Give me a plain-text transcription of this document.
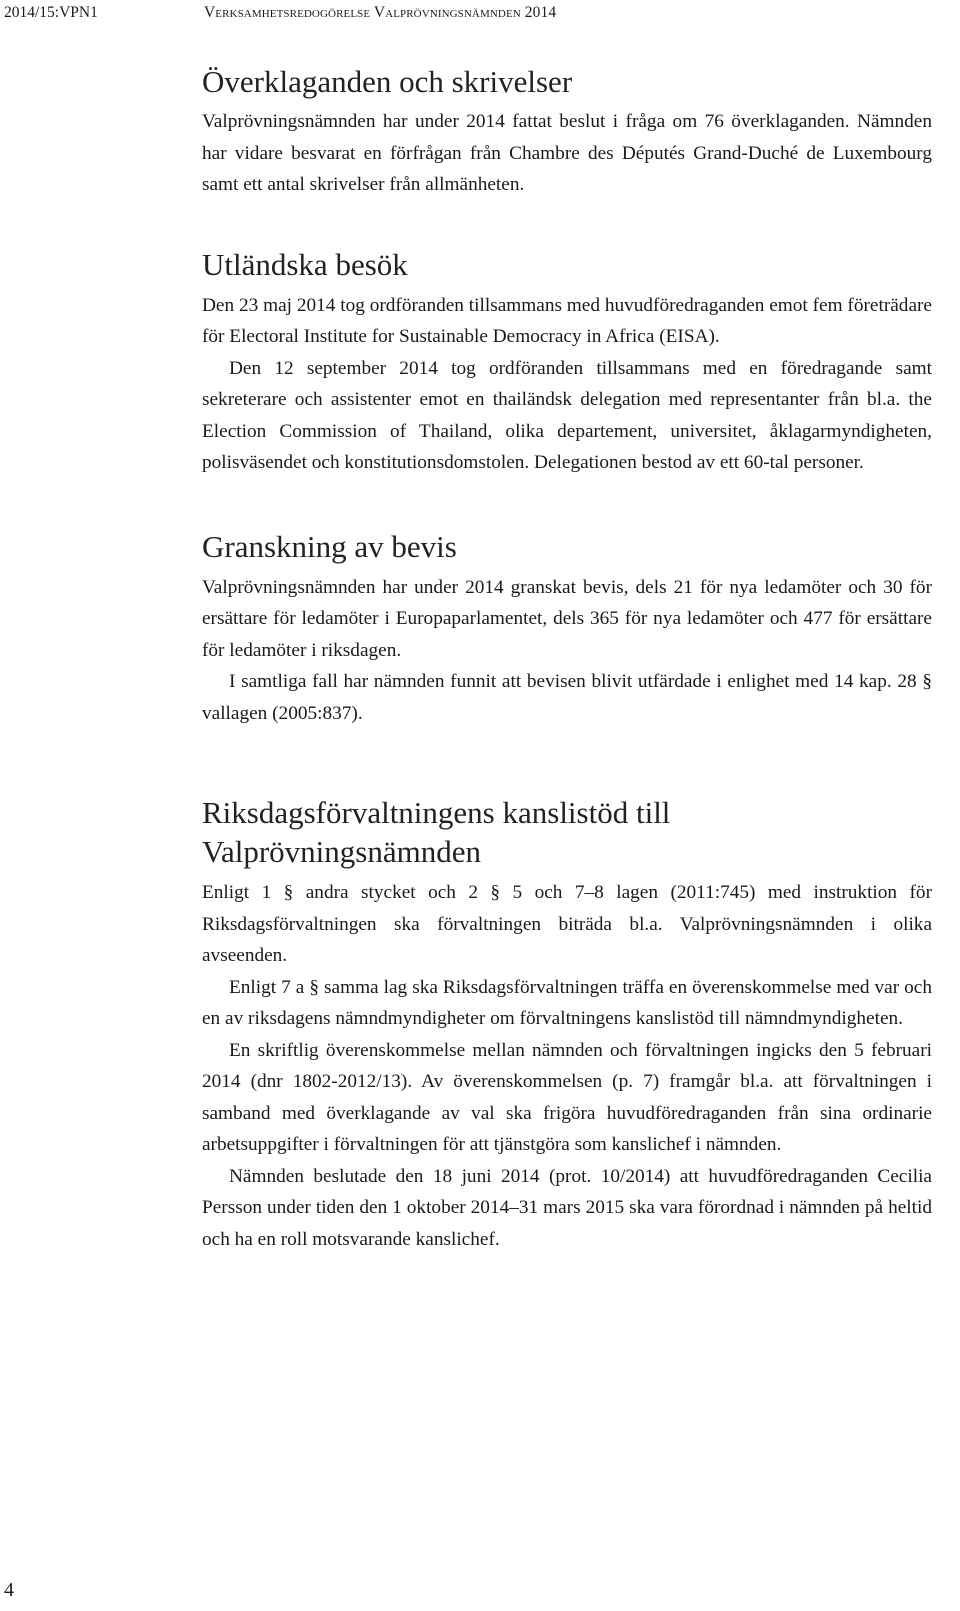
2014/15:VPN1	Verksamhetsredogörelse Valprövningsnämnden 2014
Överklaganden och skrivelser

Valprövningsnämnden har under 2014 fattat beslut i fråga om 76 överklaganden. Nämnden har vidare besvarat en förfrågan från Chambre des Députés Grand-Duché de Luxembourg samt ett antal skrivelser från allmänheten.

Utländska besök

Den 23 maj 2014 tog ordföranden tillsammans med huvudföredraganden emot fem företrädare för Electoral Institute for Sustainable Democracy in Africa (EISA).

Den 12 september 2014 tog ordföranden tillsammans med en föredragande samt sekreterare och assistenter emot en thailändsk delegation med representanter från bl.a. the Election Commission of Thailand, olika departement, universitet, åklagarmyndigheten, polisväsendet och konstitutionsdomstolen. Delegationen bestod av ett 60-tal personer.

Granskning av bevis

Valprövningsnämnden har under 2014 granskat bevis, dels 21 för nya ledamöter och 30 för ersättare för ledamöter i Europaparlamentet, dels 365 för nya ledamöter och 477 för ersättare för ledamöter i riksdagen.

I samtliga fall har nämnden funnit att bevisen blivit utfärdade i enlighet med 14 kap. 28 § vallagen (2005:837).

Riksdagsförvaltningens kanslistöd till
Valprövningsnämnden

Enligt 1 § andra stycket och 2 § 5 och 7–8 lagen (2011:745) med instruktion för Riksdagsförvaltningen ska förvaltningen biträda bl.a. Valprövningsnämnden i olika avseenden.

Enligt 7 a § samma lag ska Riksdagsförvaltningen träffa en överenskommelse med var och en av riksdagens nämndmyndigheter om förvaltningens kanslistöd till nämndmyndigheten.

En skriftlig överenskommelse mellan nämnden och förvaltningen ingicks den 5 februari 2014 (dnr 1802-2012/13). Av överenskommelsen (p. 7) framgår bl.a. att förvaltningen i samband med överklagande av val ska frigöra huvudföredraganden från sina ordinarie arbetsuppgifter i förvaltningen för att tjänstgöra som kanslichef i nämnden.

Nämnden beslutade den 18 juni 2014 (prot. 10/2014) att huvudföredraganden Cecilia Persson under tiden den 1 oktober 2014–31 mars 2015 ska vara förordnad i nämnden på heltid och ha en roll motsvarande kanslichef.

4
